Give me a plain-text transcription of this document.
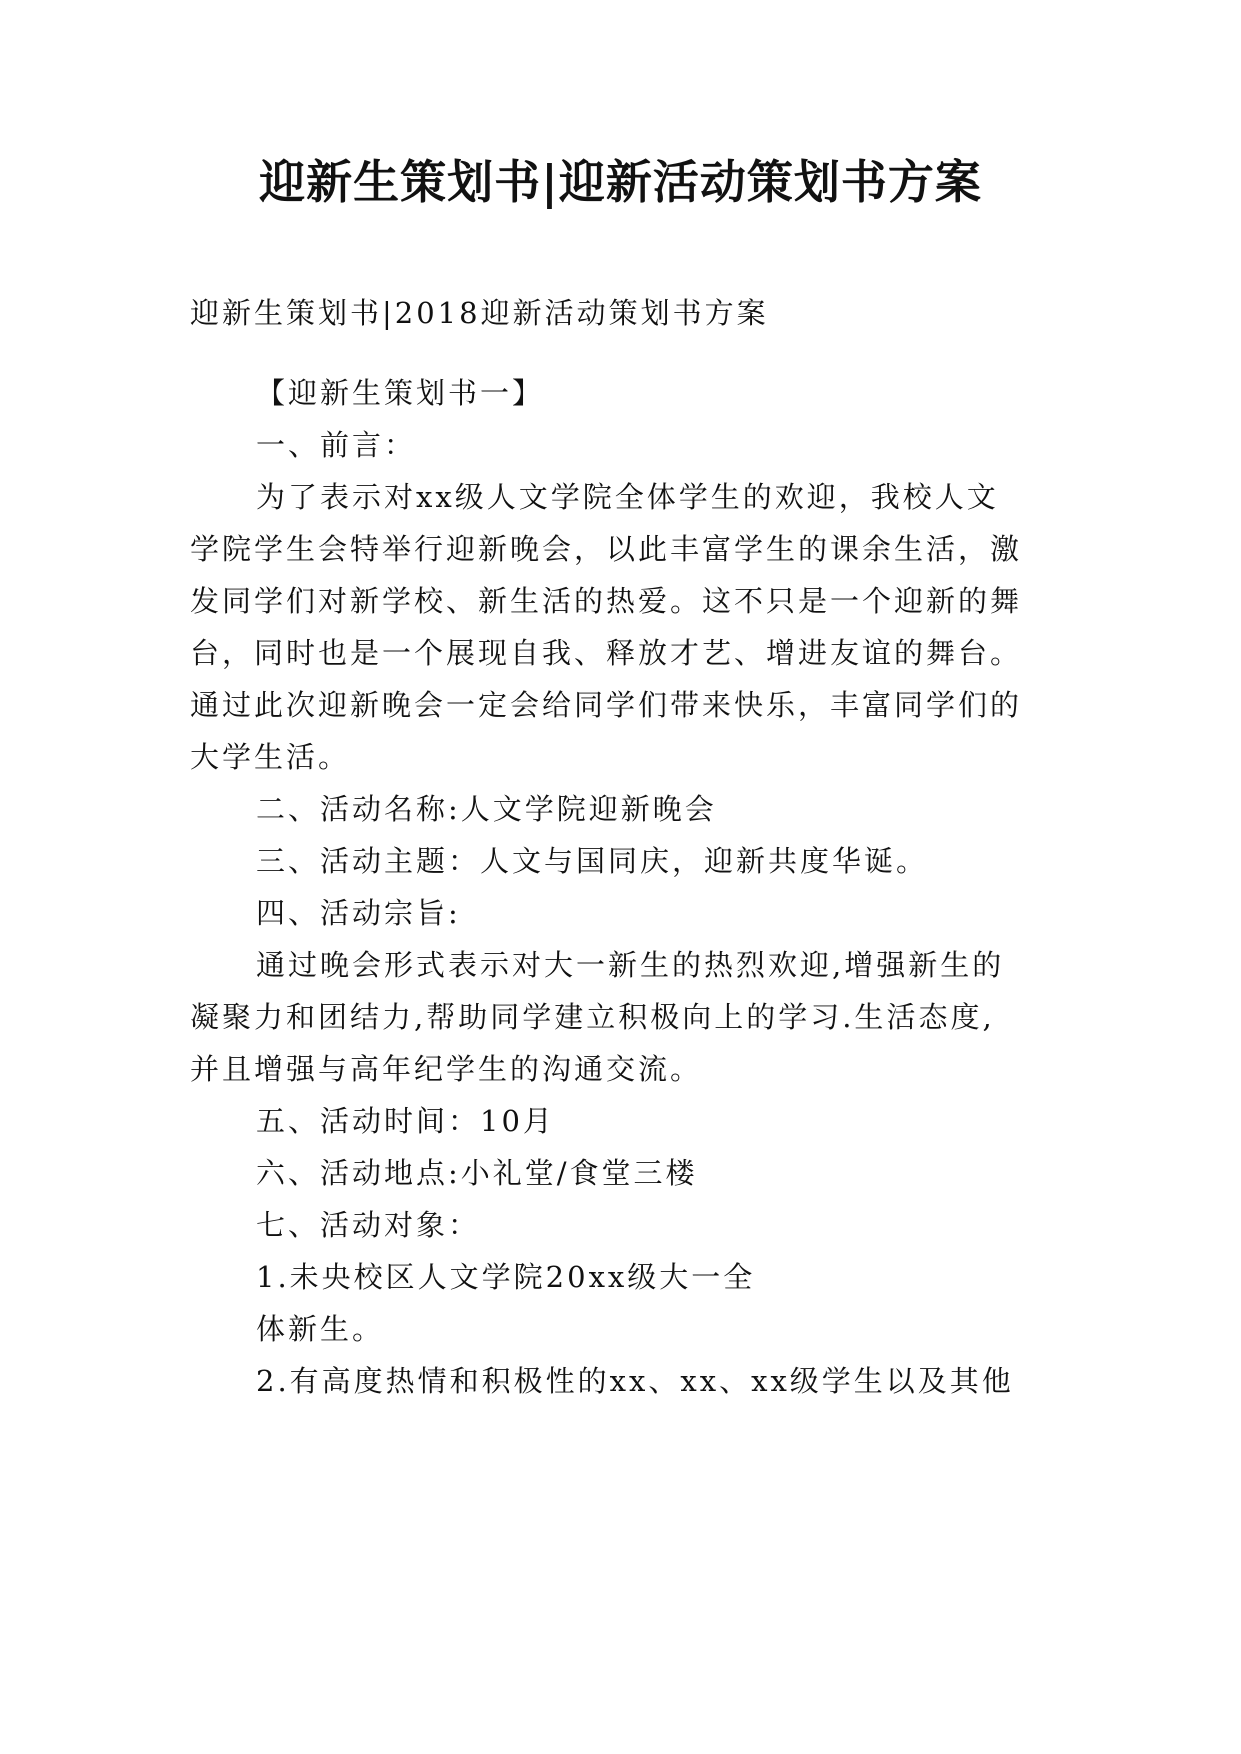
迎新生策划书|迎新活动策划书方案

迎新生策划书|2018迎新活动策划书方案

【迎新生策划书一】

一、前言：

为了表示对xx级人文学院全体学生的欢迎，我校人文

学院学生会特举行迎新晚会，以此丰富学生的课余生活，激

发同学们对新学校、新生活的热爱。这不只是一个迎新的舞

台，同时也是一个展现自我、释放才艺、增进友谊的舞台。

通过此次迎新晚会一定会给同学们带来快乐，丰富同学们的

大学生活。

二、活动名称:人文学院迎新晚会

三、活动主题：人文与国同庆，迎新共度华诞。

四、活动宗旨:

通过晚会形式表示对大一新生的热烈欢迎,增强新生的

凝聚力和团结力,帮助同学建立积极向上的学习.生活态度,

并且增强与高年纪学生的沟通交流。

五、活动时间：10月

六、活动地点:小礼堂/食堂三楼

七、活动对象：

1.未央校区人文学院20xx级大一全

体新生。

2.有高度热情和积极性的xx、xx、xx级学生以及其他
